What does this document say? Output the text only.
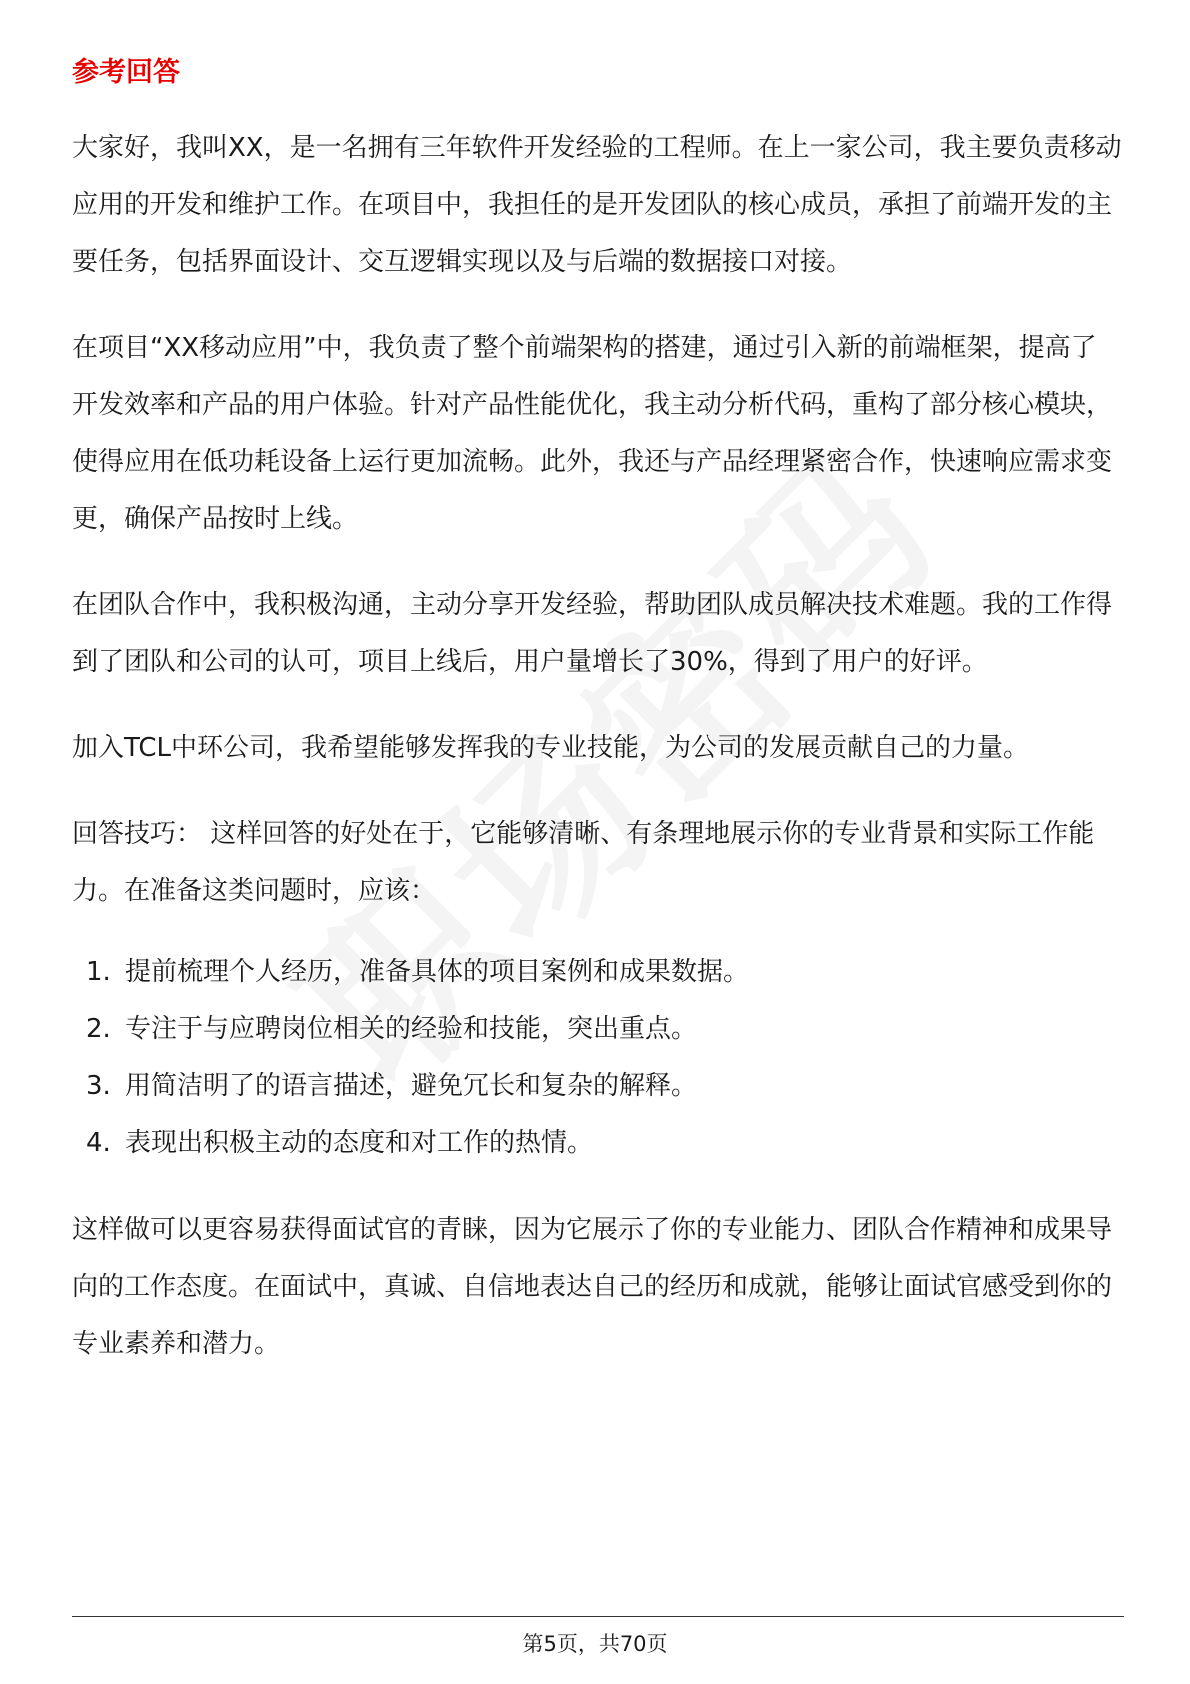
参考回答

大家好，我叫XX，是一名拥有三年软件开发经验的工程师。在上一家公司，我主要负责移动应用的开发和维护工作。在项目中，我担任的是开发团队的核心成员，承担了前端开发的主要任务，包括界面设计、交互逻辑实现以及与后端的数据接口对接。

在项目“XX移动应用”中，我负责了整个前端架构的搭建，通过引入新的前端框架，提高了开发效率和产品的用户体验。针对产品性能优化，我主动分析代码，重构了部分核心模块，使得应用在低功耗设备上运行更加流畅。此外，我还与产品经理紧密合作，快速响应需求变更，确保产品按时上线。

在团队合作中，我积极沟通，主动分享开发经验，帮助团队成员解决技术难题。我的工作得到了团队和公司的认可，项目上线后，用户量增长了30%，得到了用户的好评。

加入TCL中环公司，我希望能够发挥我的专业技能，为公司的发展贡献自己的力量。

回答技巧： 这样回答的好处在于，它能够清晰、有条理地展示你的专业背景和实际工作能力。在准备这类问题时，应该：

1. 提前梳理个人经历，准备具体的项目案例和成果数据。
2. 专注于与应聘岗位相关的经验和技能，突出重点。
3. 用简洁明了的语言描述，避免冗长和复杂的解释。
4. 表现出积极主动的态度和对工作的热情。

这样做可以更容易获得面试官的青睐，因为它展示了你的专业能力、团队合作精神和成果导向的工作态度。在面试中，真诚、自信地表达自己的经历和成就，能够让面试官感受到你的专业素养和潜力。

第5页，共70页
